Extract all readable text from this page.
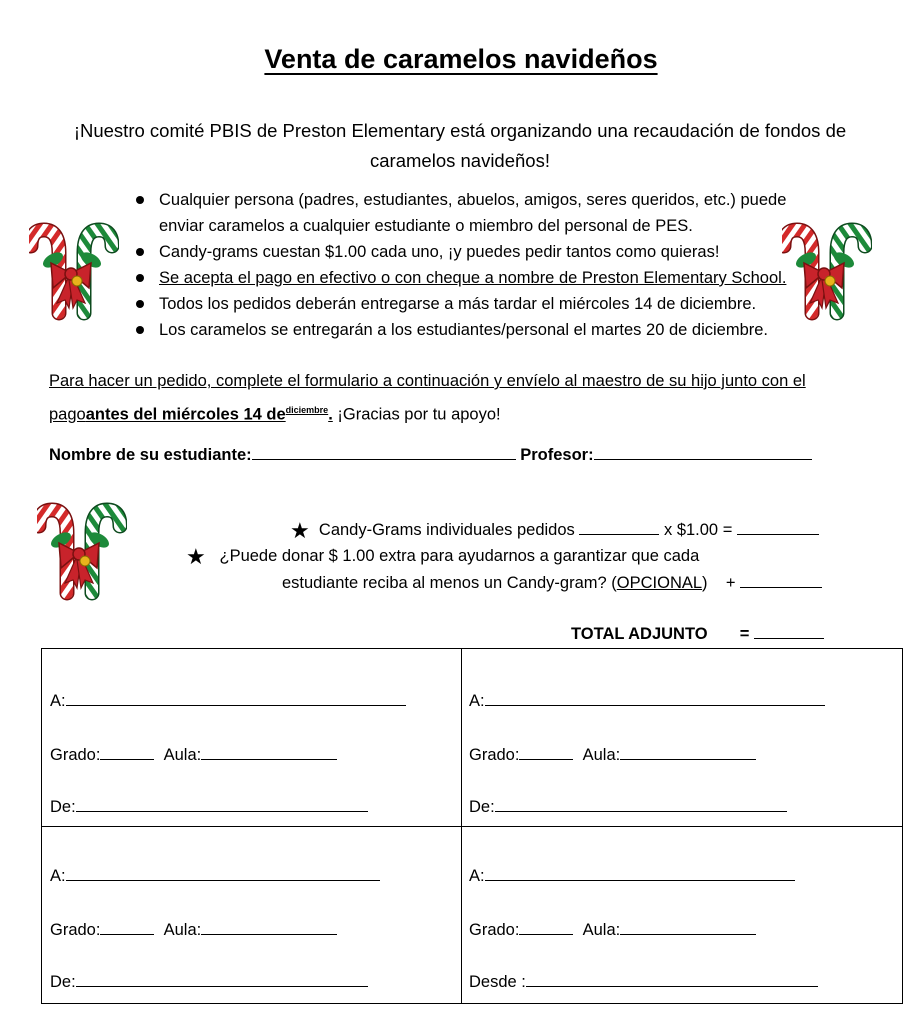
Venta de caramelos navideños
¡Nuestro comité PBIS de Preston Elementary está organizando una recaudación de fondos de caramelos navideños!
Cualquier persona (padres, estudiantes, abuelos, amigos, seres queridos, etc.) puede enviar caramelos a cualquier estudiante o miembro del personal de PES.
Candy-grams cuestan $1.00 cada uno, ¡y puedes pedir tantos como quieras!
Se acepta el pago en efectivo o con cheque a nombre de Preston Elementary School.
Todos los pedidos deberán entregarse a más tardar el miércoles 14 de diciembre.
Los caramelos se entregarán a los estudiantes/personal el martes 20 de diciembre.
Para hacer un pedido, complete el formulario a continuación y envíelo al maestro de su hijo junto con el pagoantes del miércoles 14 $de^{diciembre}$. ¡Gracias por tu apoyo!
Nombre de su estudiante:	Profesor:
★ Candy-Grams individuales pedidos	x $1.00 =
★ ¿Puede donar $ 1.00 extra para ayudarnos a garantizar que cada
estudiante reciba al menos un Candy-gram? (OPCIONAL) +
TOTAL ADJUNTO =
A:
Grado:	Aula:
De:
A:
Grado:	Aula:
De:
A:
Grado:	Aula:
De:
A:
Grado:	Aula:
Desde :
